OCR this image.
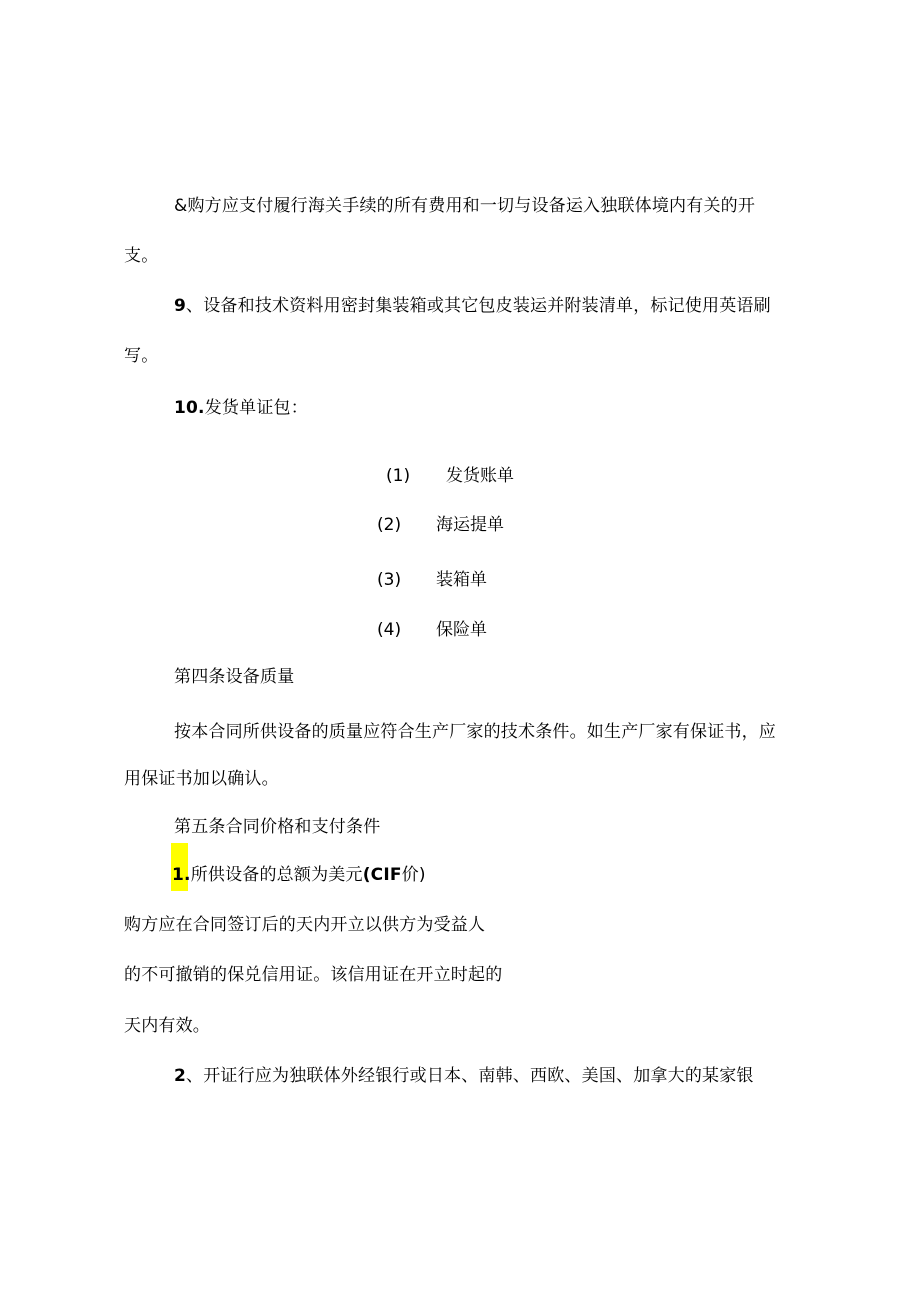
&购方应支付履行海关手续的所有费用和一切与设备运入独联体境内有关的开
支。
9、设备和技术资料用密封集装箱或其它包皮装运并附装清单，标记使用英语刷
写。
10.发货单证包：
(1) 发货账单
(2) 海运提单
(3) 装箱单
(4) 保险单
第四条设备质量
按本合同所供设备的质量应符合生产厂家的技术条件。如生产厂家有保证书，应
用保证书加以确认。
第五条合同价格和支付条件
1.所供设备的总额为美元(CIF价)
购方应在合同签订后的天内开立以供方为受益人
的不可撤销的保兑信用证。该信用证在开立时起的
天内有效。
2、开证行应为独联体外经银行或日本、南韩、西欧、美国、加拿大的某家银
